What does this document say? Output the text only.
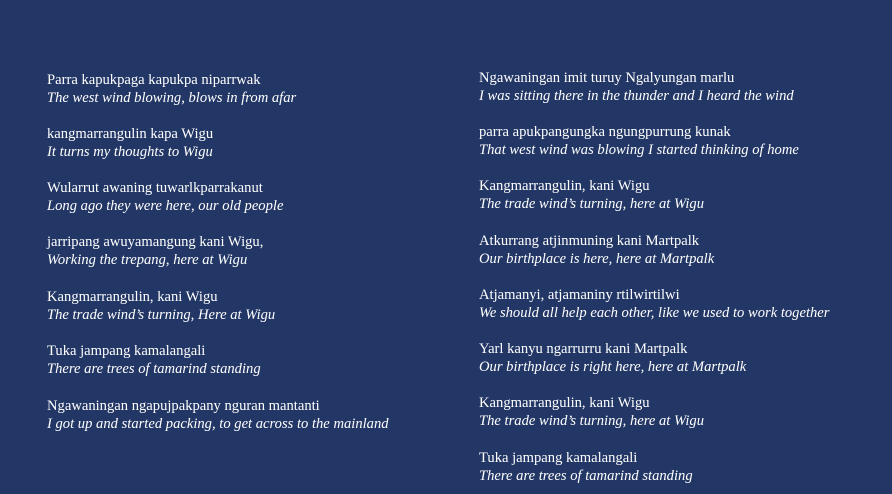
Parra kapukpaga kapukpa niparrwak
The west wind blowing, blows in from afar
kangmarrangulin kapa Wigu
It turns my thoughts to Wigu
Wularrut awaning tuwarlkparrakanut
Long ago they were here, our old people
jarripang awuyamangung kani Wigu,
Working the trepang, here at Wigu
Kangmarrangulin, kani Wigu
The trade wind’s turning, Here at Wigu
Tuka jampang kamalangali
There are trees of tamarind standing
Ngawaningan ngapujpakpany nguran mantanti
I got up and started packing, to get across to the mainland
Ngawaningan imit turuy Ngalyungan marlu
I was sitting there in the thunder and I heard the wind
parra apukpangungka ngungpurrung kunak
That west wind was blowing I started thinking of home
Kangmarrangulin, kani Wigu
The trade wind’s turning, here at Wigu
Atkurrang atjinmuning kani Martpalk
Our birthplace is here, here at Martpalk
Atjamanyi, atjamaniny rtilwirtilwi
We should all help each other, like we used to work together
Yarl kanyu ngarrurru kani Martpalk
Our birthplace is right here, here at Martpalk
Kangmarrangulin, kani Wigu
The trade wind’s turning, here at Wigu
Tuka jampang kamalangali
There are trees of tamarind standing
